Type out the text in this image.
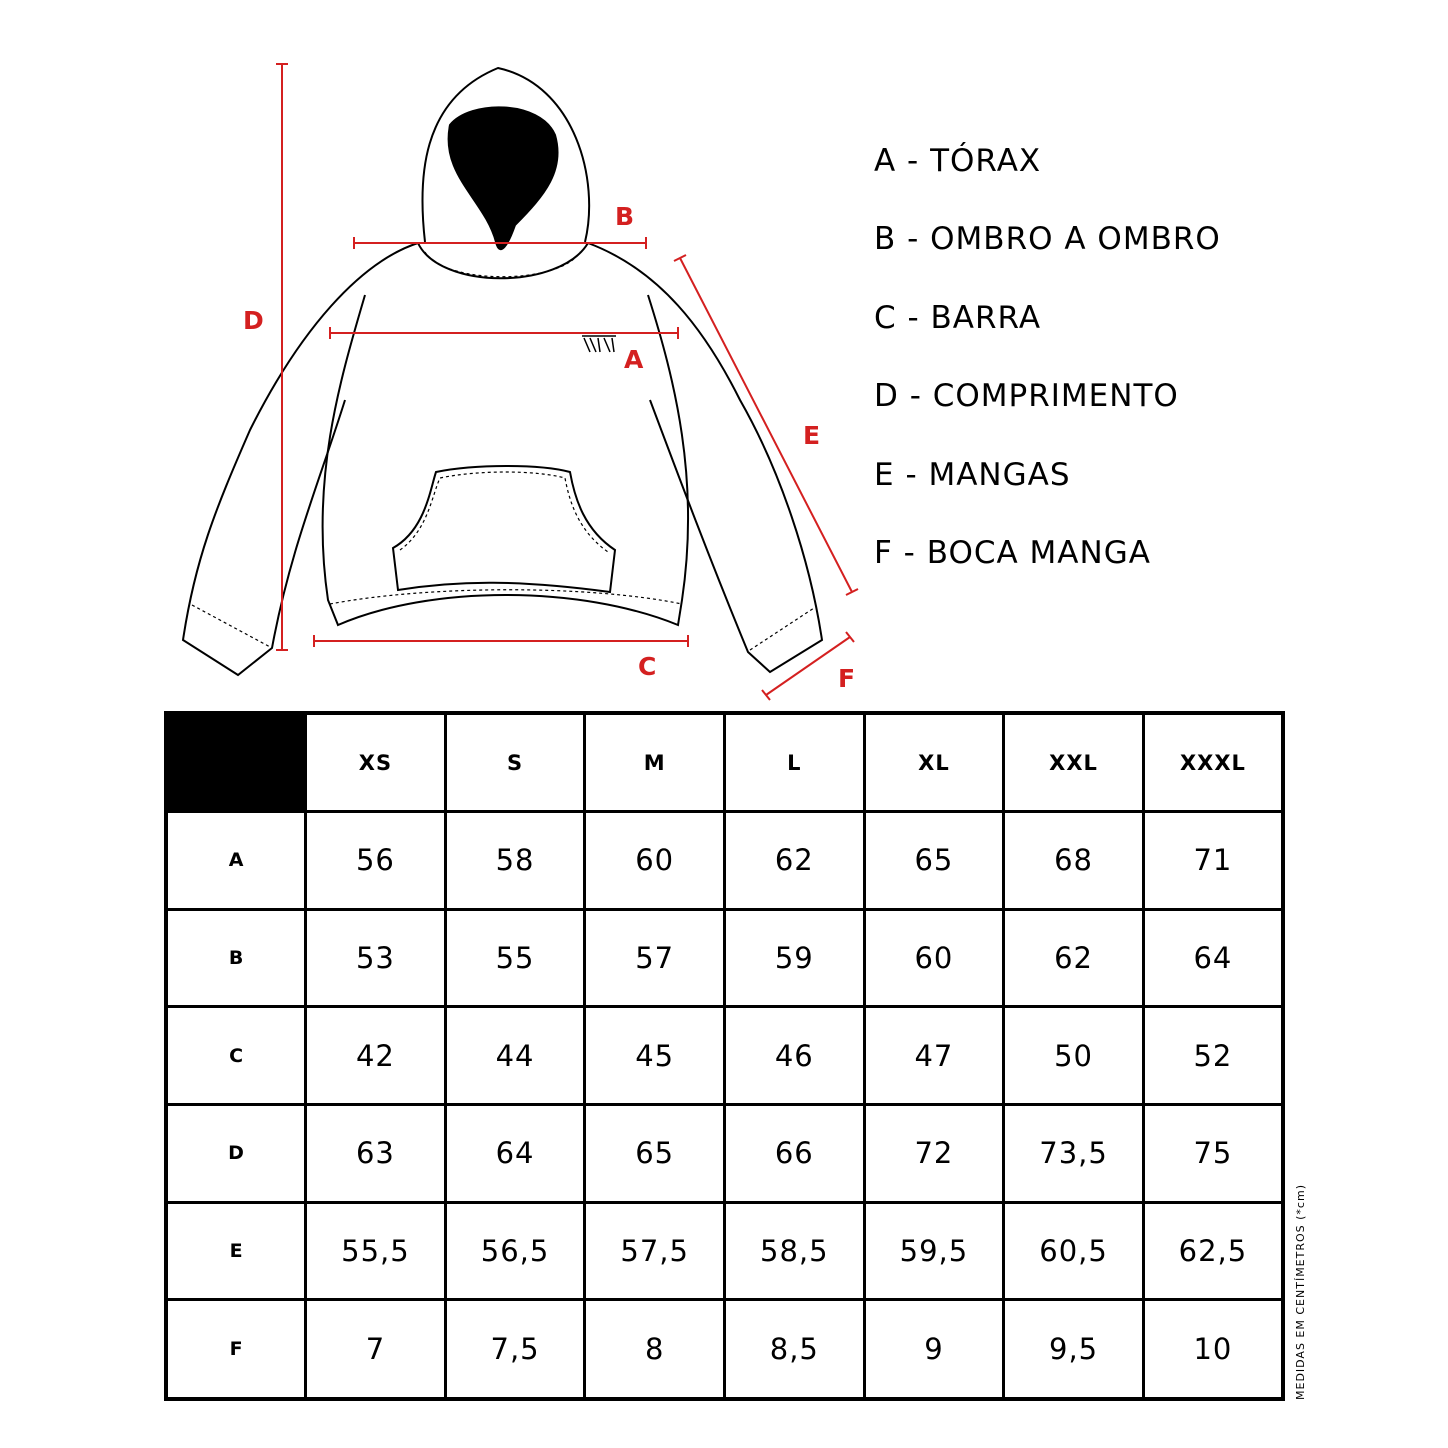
D
B
A
E
C	F
A - TÓRAX
B - OMBRO A OMBRO
C - BARRA
D - COMPRIMENTO
E - MANGAS
F - BOCA MANGA
	XS	S	M	L	XL	XXL	XXXL
A	56	58	60	62	65	68	71
B	53	55	57	59	60	62	64
C	42	44	45	46	47	50	52
D	63	64	65	66	72	73,5	75
E	55,5	56,5	57,5	58,5	59,5	60,5	62,5
F	7	7,5	8	8,5	9	9,5	10	MEDIDAS EM CENTÍMETROS (*cm)
